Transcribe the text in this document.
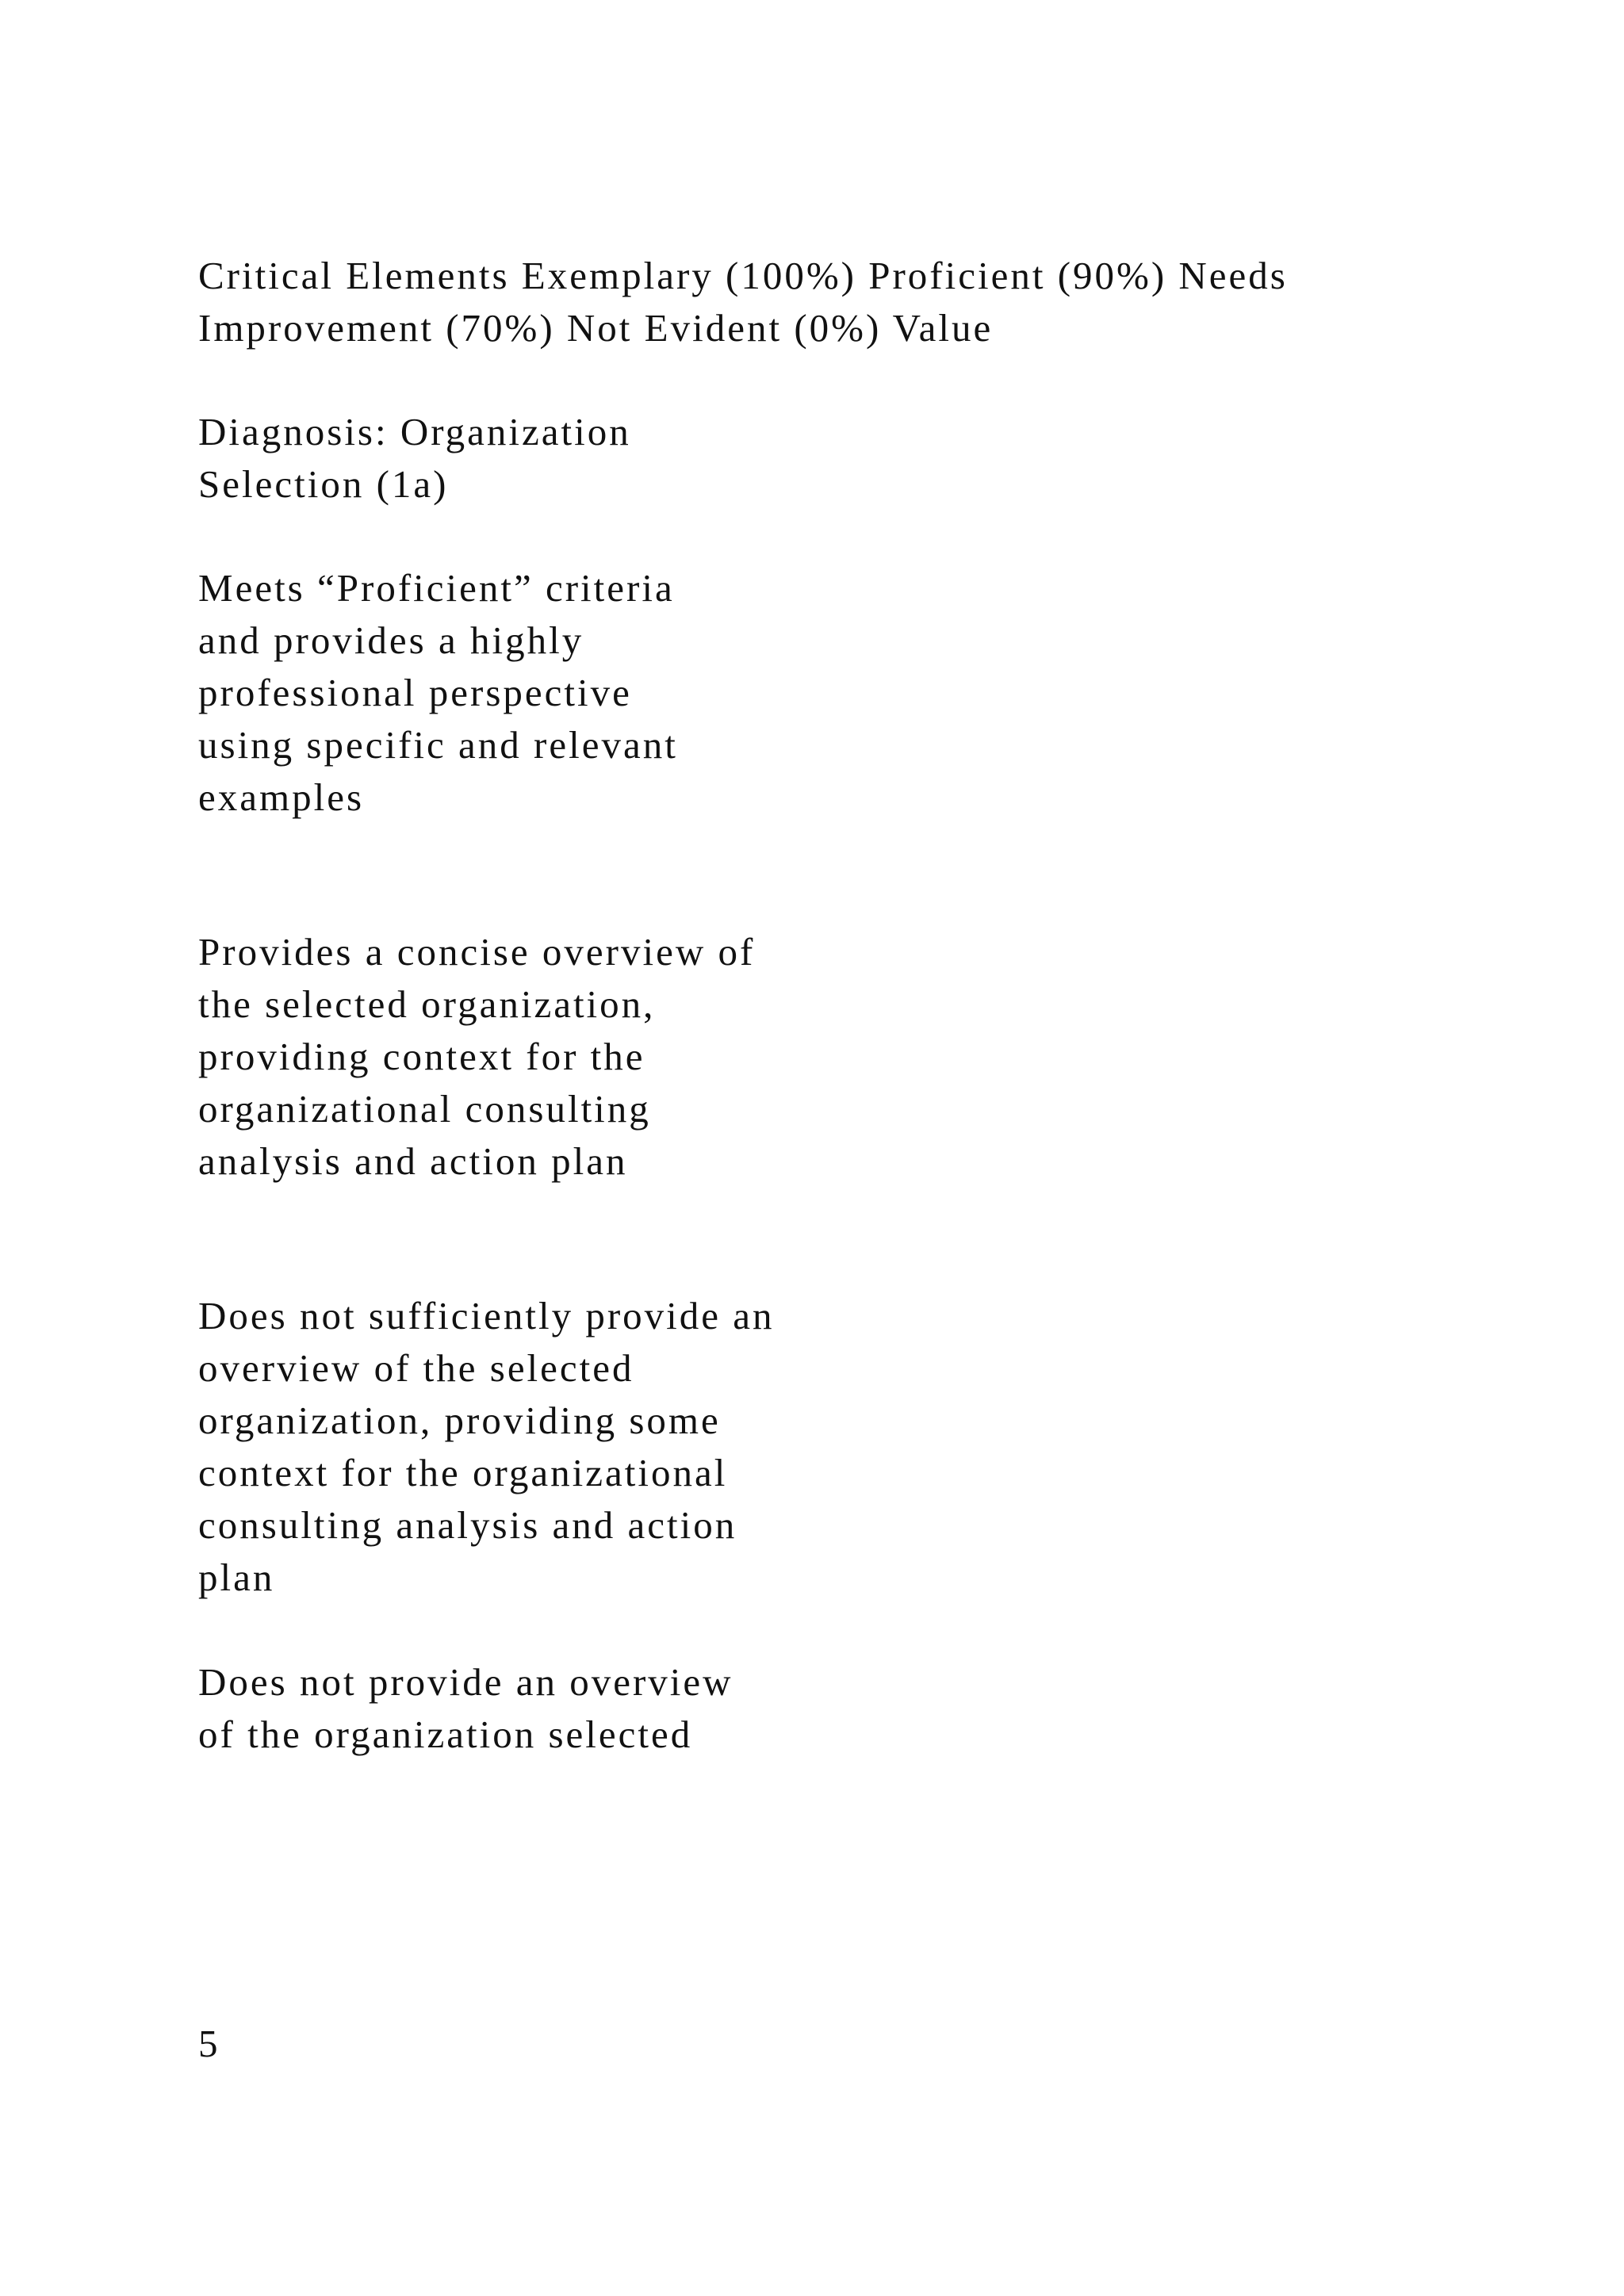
Critical Elements Exemplary (100%) Proficient (90%) Needs
Improvement (70%) Not Evident (0%) Value

Diagnosis: Organization
Selection (1a)

Meets “Proficient” criteria
and provides a highly
professional perspective
using specific and relevant
examples

Provides a concise overview of
the selected organization,
providing context for the
organizational consulting
analysis and action plan

Does not sufficiently provide an
overview of the selected
organization, providing some
context for the organizational
consulting analysis and action
plan

Does not provide an overview
of the organization selected

5
